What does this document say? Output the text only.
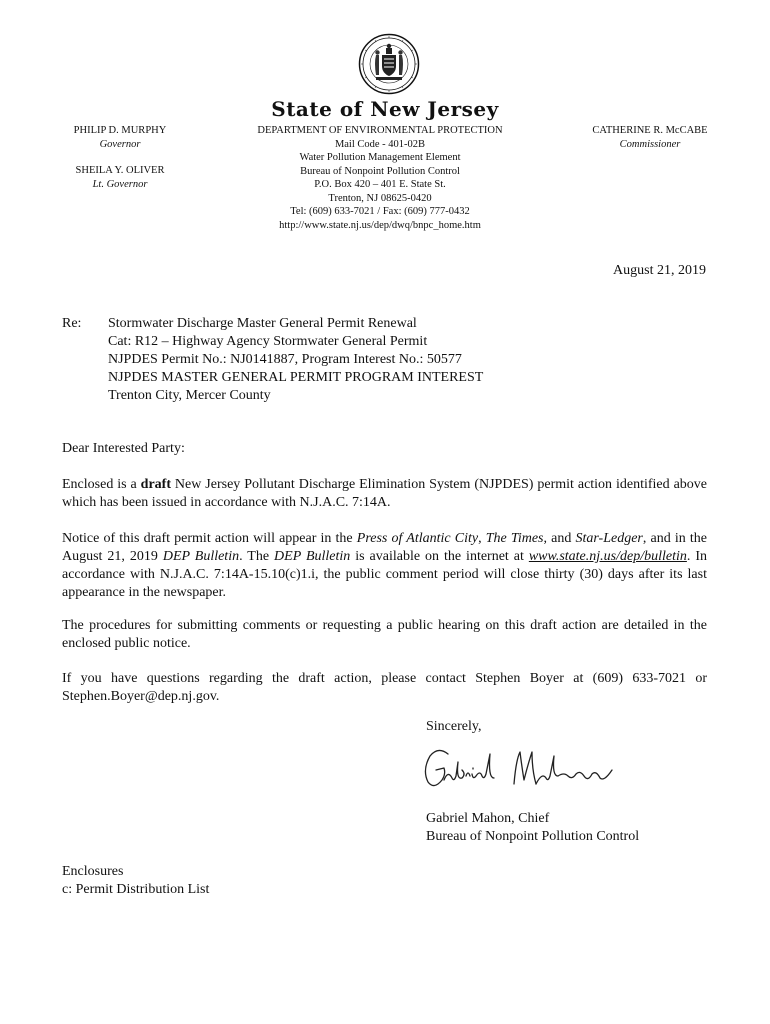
State of New Jersey
PHILIP D. MURPHY
Governor
SHEILA Y. OLIVER
Lt. Governor
DEPARTMENT OF ENVIRONMENTAL PROTECTION
Mail Code - 401-02B
Water Pollution Management Element
Bureau of Nonpoint Pollution Control
P.O. Box 420 – 401 E. State St.
Trenton, NJ 08625-0420
Tel: (609) 633-7021 / Fax: (609) 777-0432
http://www.state.nj.us/dep/dwq/bnpc_home.htm
CATHERINE R. McCABE
Commissioner
August 21, 2019
Re: Stormwater Discharge Master General Permit Renewal
Cat: R12 – Highway Agency Stormwater General Permit
NJPDES Permit No.: NJ0141887, Program Interest No.: 50577
NJPDES MASTER GENERAL PERMIT PROGRAM INTEREST
Trenton City, Mercer County
Dear Interested Party:

Enclosed is a draft New Jersey Pollutant Discharge Elimination System (NJPDES) permit action identified above which has been issued in accordance with N.J.A.C. 7:14A.

Notice of this draft permit action will appear in the Press of Atlantic City, The Times, and Star-Ledger, and in the August 21, 2019 DEP Bulletin. The DEP Bulletin is available on the internet at www.state.nj.us/dep/bulletin. In accordance with N.J.A.C. 7:14A-15.10(c)1.i, the public comment period will close thirty (30) days after its last appearance in the newspaper.

The procedures for submitting comments or requesting a public hearing on this draft action are detailed in the enclosed public notice.

If you have questions regarding the draft action, please contact Stephen Boyer at (609) 633-7021 or Stephen.Boyer@dep.nj.gov.

Sincerely,
Gabriel Mahon, Chief
Bureau of Nonpoint Pollution Control
Enclosures
c: Permit Distribution List
